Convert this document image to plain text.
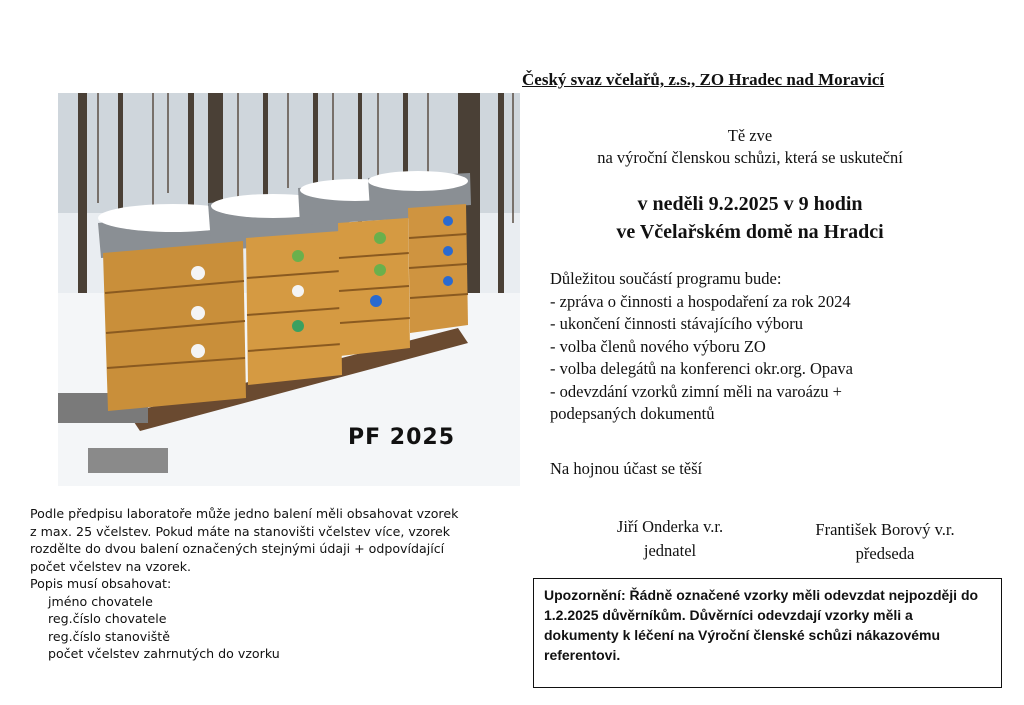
Český svaz včelařů, z.s., ZO Hradec nad Moravicí
PF 2025
Tě zve
na výroční členskou schůzi, která se uskuteční
v neděli 9.2.2025 v 9 hodin
ve Včelařském domě na Hradci
Důležitou součástí programu bude:
- zpráva o činnosti a hospodaření za rok 2024
- ukončení činnosti stávajícího výboru
- volba členů nového výboru ZO
- volba delegátů na konferenci okr.org. Opava
- odevzdání vzorků zimní měli na varoázu +
podepsaných dokumentů
Na hojnou účast se těší
Jiří Onderka v.r.
jednatel
František Borový v.r.
předseda
Upozornění: Řádně označené vzorky měli odevzdat nejpozději do 1.2.2025 důvěrníkům. Důvěrníci odevzdají vzorky měli a dokumenty k léčení na Výroční členské schůzi nákazovému referentovi.
Podle předpisu laboratoře může jedno balení měli obsahovat vzorek
z max. 25 včelstev. Pokud máte na stanovišti včelstev více, vzorek
rozdělte do dvou balení označených stejnými údaji + odpovídající
počet včelstev na vzorek.
Popis musí obsahovat:
jméno chovatele
reg.číslo chovatele
reg.číslo stanoviště
počet včelstev zahrnutých do vzorku
